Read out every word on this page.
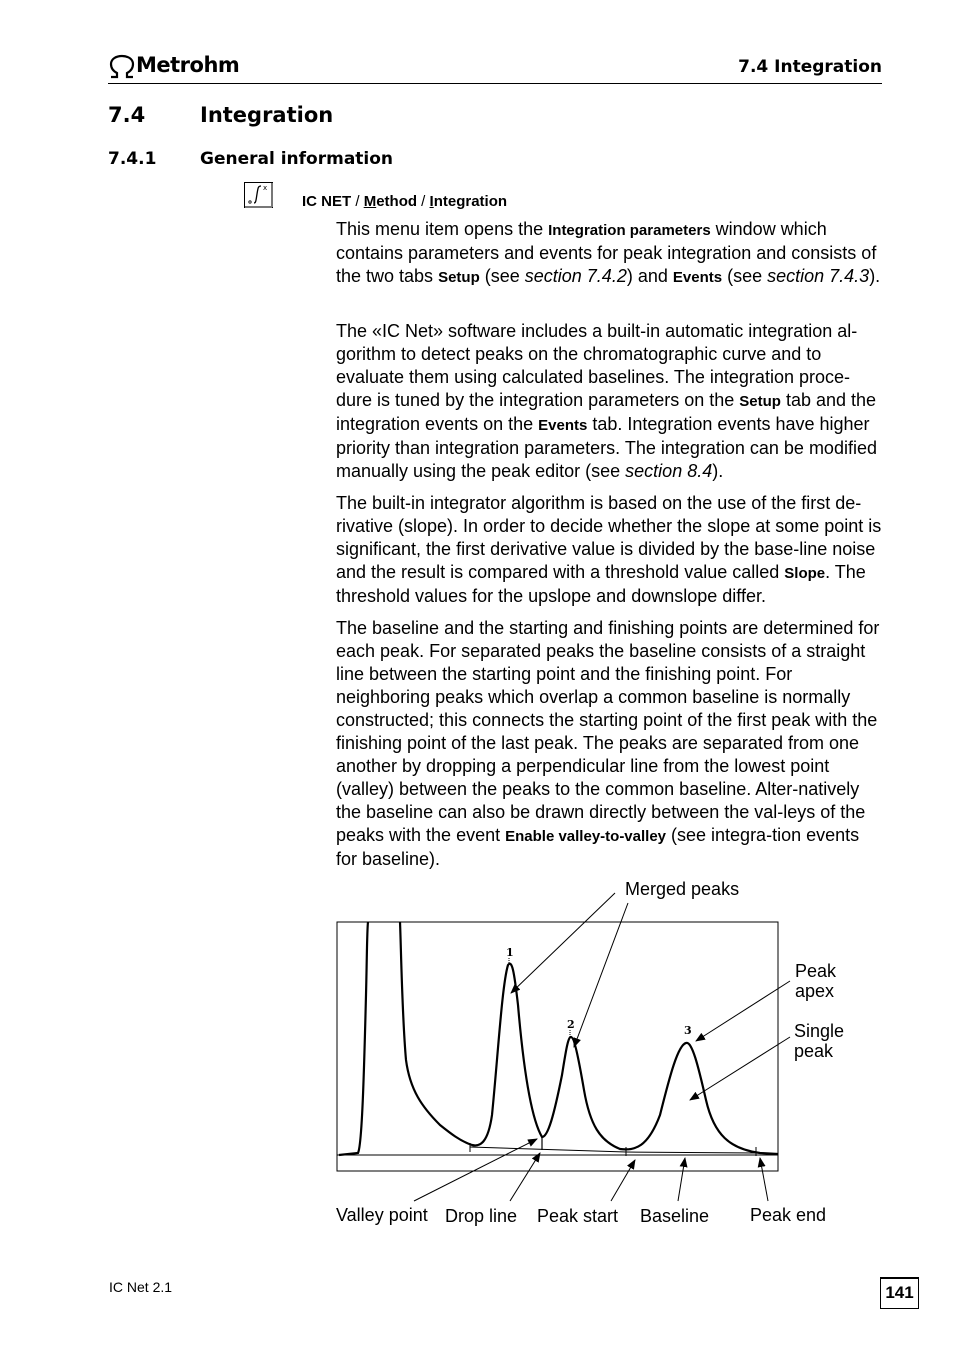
Metrohm	7.4 Integration
7.4	Integration
7.4.1	General information
x
IC NET / Method / Integration

This menu item opens the Integration parameters window which contains parameters and events for peak integration and consists of the two tabs Setup (see section 7.4.2) and Events (see section 7.4.3).

The «IC Net» software includes a built-in automatic integration al-gorithm to detect peaks on the chromatographic curve and to evaluate them using calculated baselines. The integration proce-dure is tuned by the integration parameters on the Setup tab and the integration events on the Events tab. Integration events have higher priority than integration parameters. The integration can be modified manually using the peak editor (see section 8.4).

The built-in integrator algorithm is based on the use of the first de-rivative (slope). In order to decide whether the slope at some point is significant, the first derivative value is divided by the base-line noise and the result is compared with a threshold value called Slope. The threshold values for the upslope and downslope differ.

The baseline and the starting and finishing points are determined for each peak. For separated peaks the baseline consists of a straight line between the starting point and the finishing point. For neighboring peaks which overlap a common baseline is normally constructed; this connects the starting point of the first peak with the finishing point of the last peak. The peaks are separated from one another by dropping a perpendicular line from the lowest point (valley) between the peaks to the common baseline. Alter-natively the baseline can also be drawn directly between the val-leys of the peaks with the event Enable valley-to-valley (see integra-tion events for baseline).

1
2	3
Merged peaks
Peak
apex
Single
peak
Valley point Drop line Peak start Baseline Peak end
IC Net 2.1	141
